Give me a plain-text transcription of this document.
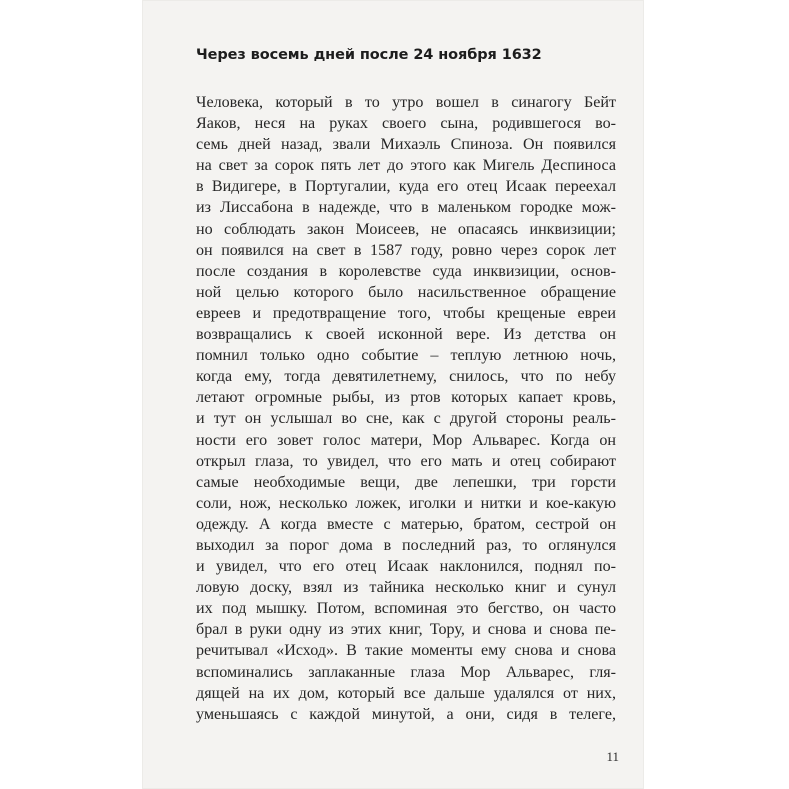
Через восемь дней после 24 ноября 1632
Человека, который в то утро вошел в синагогу Бейт
Яаков, неся на руках своего сына, родившегося во-
семь дней назад, звали Михаэль Спиноза. Он появился
на свет за сорок пять лет до этого как Мигель Деспиноса
в Видигере, в Португалии, куда его отец Исаак переехал
из Лиссабона в надежде, что в маленьком городке мож-
но соблюдать закон Моисеев, не опасаясь инквизиции;
он появился на свет в 1587 году, ровно через сорок лет
после создания в королевстве суда инквизиции, основ-
ной целью которого было насильственное обращение
евреев и предотвращение того, чтобы крещеные евреи
возвращались к своей исконной вере. Из детства он
помнил только одно событие – теплую летнюю ночь,
когда ему, тогда девятилетнему, снилось, что по небу
летают огромные рыбы, из ртов которых капает кровь,
и тут он услышал во сне, как с другой стороны реаль-
ности его зовет голос матери, Мор Альварес. Когда он
открыл глаза, то увидел, что его мать и отец собирают
самые необходимые вещи, две лепешки, три горсти
соли, нож, несколько ложек, иголки и нитки и кое-какую
одежду. А когда вместе с матерью, братом, сестрой он
выходил за порог дома в последний раз, то оглянулся
и увидел, что его отец Исаак наклонился, поднял по-
ловую доску, взял из тайника несколько книг и сунул
их под мышку. Потом, вспоминая это бегство, он часто
брал в руки одну из этих книг, Тору, и снова и снова пе-
речитывал «Исход». В такие моменты ему снова и снова
вспоминались заплаканные глаза Мор Альварес, гля-
дящей на их дом, который все дальше удалялся от них,
уменьшаясь с каждой минутой, а они, сидя в телеге,
11
